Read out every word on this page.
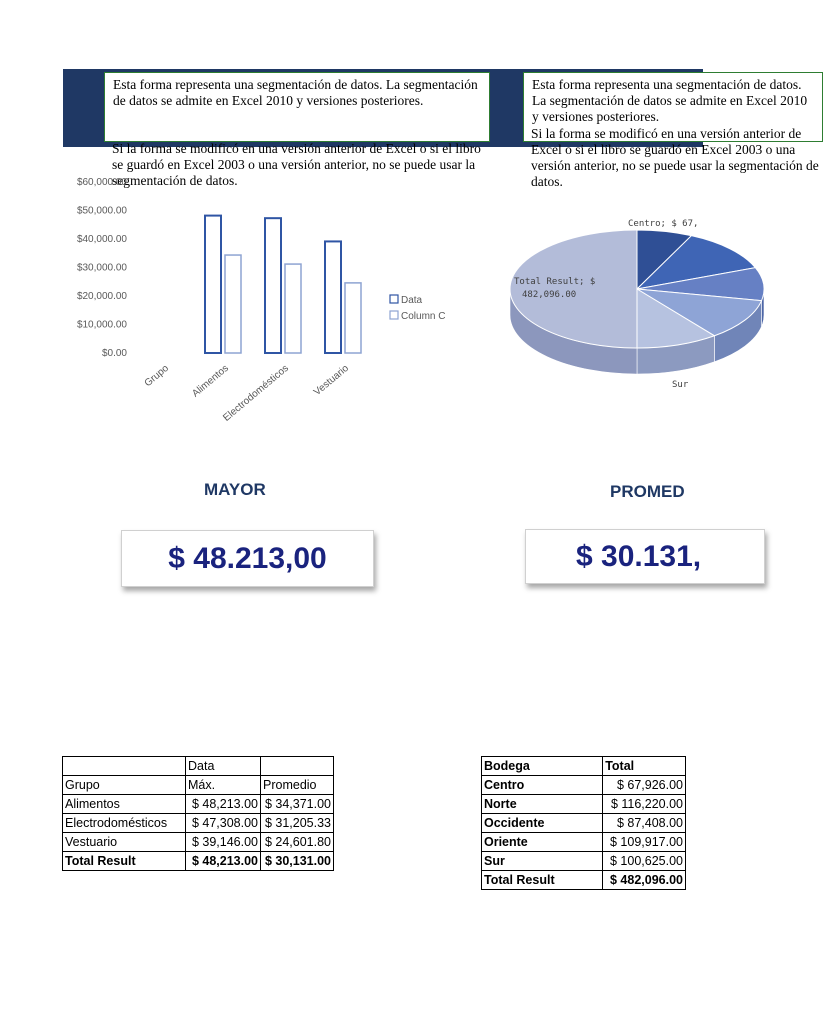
Esta forma representa una segmentación de datos. La segmentación de datos se admite en Excel 2010 y versiones posteriores.

Si la forma se modificó en una versión anterior de Excel o si el libro se guardó en Excel 2003 o una versión anterior, no se puede usar la segmentación de datos.

Esta forma representa una segmentación de datos. La segmentación de datos se admite en Excel 2010 y versiones posteriores.

Si la forma se modificó en una versión anterior de Excel o si el libro se guardó en Excel 2003 o una versión anterior, no se puede usar la segmentación de datos.
$0.00
$10,000.00
$20,000.00
$30,000.00
$40,000.00
$50,000.00
$60,000.00
Grupo Alimentos
Electrodomésticos Vestuario
Data
Column C
Centro; $ 67,
Total Result; $
482,096.00
Sur
MAYOR
$ 48.213,00
PROMED
$ 30.131,
	Data	
Grupo	Máx.	Promedio
Alimentos	$ 48,213.00	$ 34,371.00
Electrodomésticos	$ 47,308.00	$ 31,205.33
Vestuario	$ 39,146.00	$ 24,601.80
Total Result	$ 48,213.00	$ 30,131.00
Bodega	Total
Centro	$ 67,926.00
Norte	$ 116,220.00
Occidente	$ 87,408.00
Oriente	$ 109,917.00
Sur	$ 100,625.00
Total Result	$ 482,096.00
